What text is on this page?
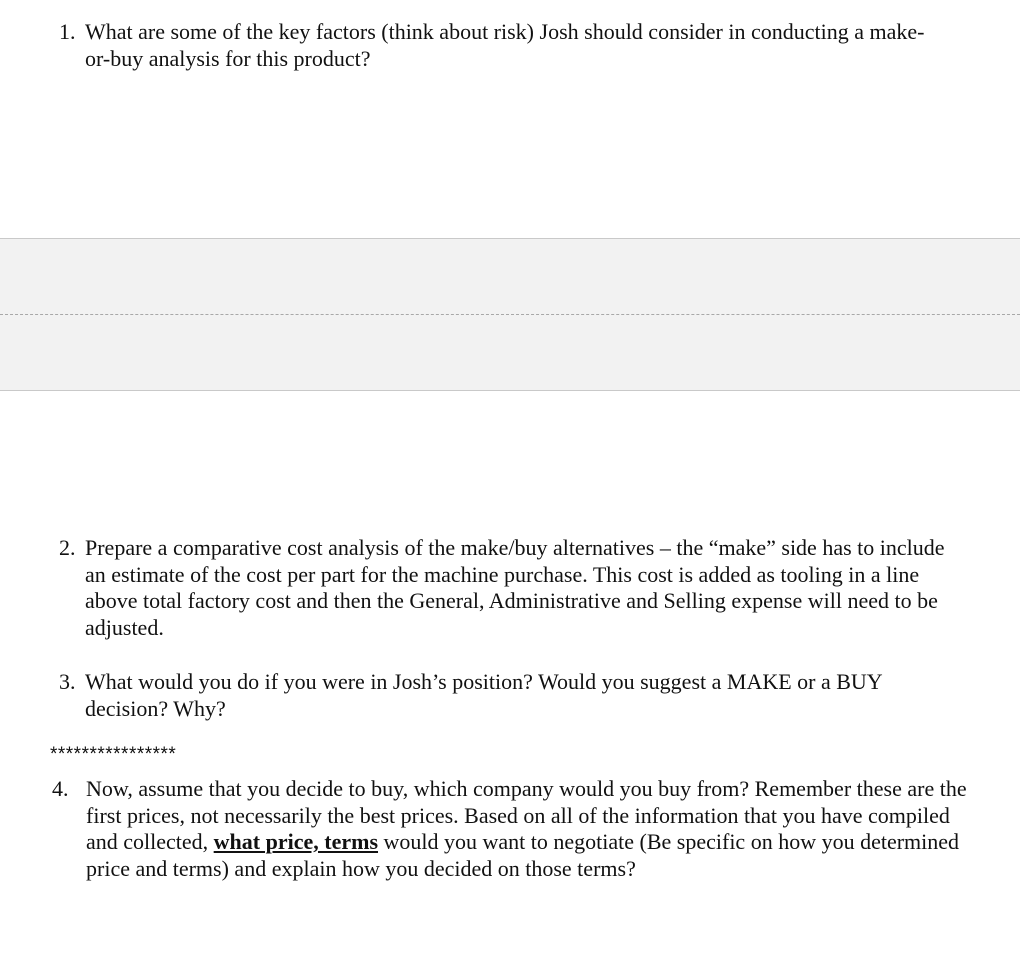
1. What are some of the key factors (think about risk) Josh should consider in conducting a make-or-buy analysis for this product?
2. Prepare a comparative cost analysis of the make/buy alternatives – the “make” side has to include an estimate of the cost per part for the machine purchase. This cost is added as tooling in a line above total factory cost and then the General, Administrative and Selling expense will need to be adjusted.
3. What would you do if you were in Josh’s position? Would you suggest a MAKE or a BUY decision? Why?
****************
4. Now, assume that you decide to buy, which company would you buy from? Remember these are the first prices, not necessarily the best prices. Based on all of the information that you have compiled and collected, what price, terms would you want to negotiate (Be specific on how you determined price and terms) and explain how you decided on those terms?
